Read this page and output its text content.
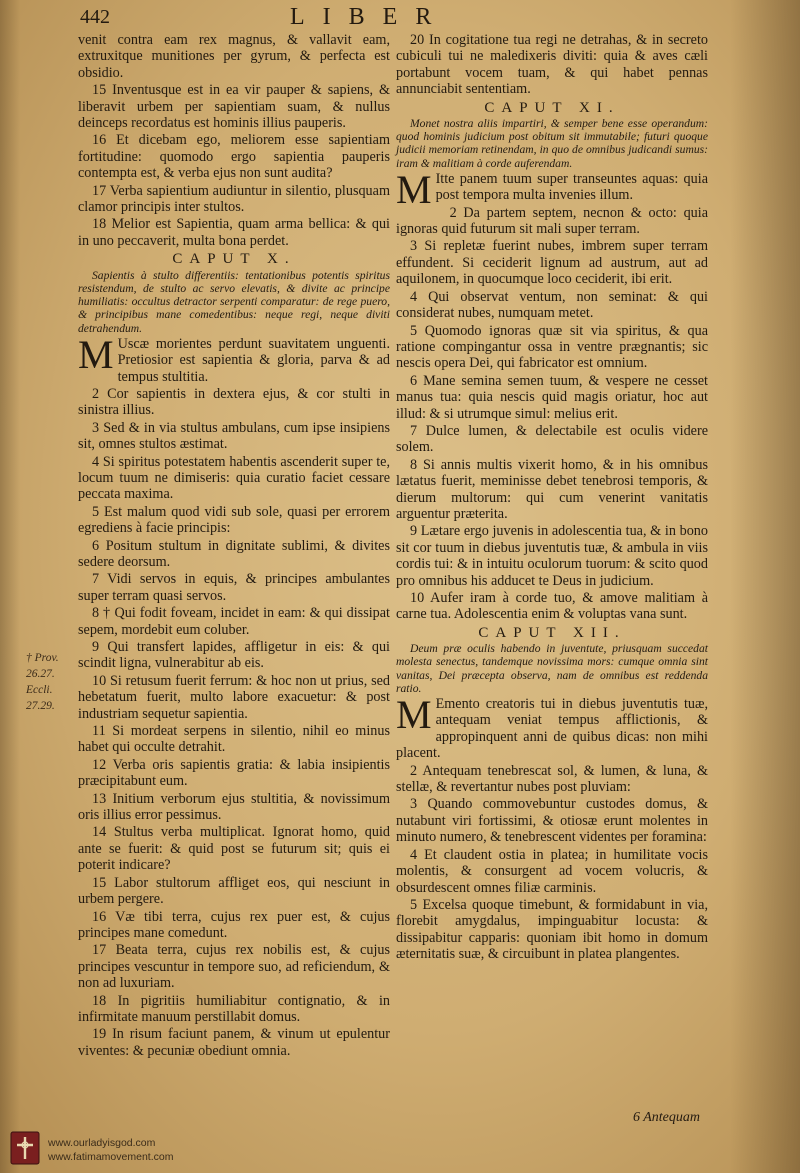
442	LIBER
† Prov.
26.27.
Eccli.
27.29.

venit contra eam rex magnus, & vallavit eam, extruxitque munitiones per gyrum, & perfecta est obsidio.

15 Inventusque est in ea vir pauper & sapiens, & liberavit urbem per sapientiam suam, & nullus deinceps recordatus est hominis illius pauperis.

16 Et dicebam ego, meliorem esse sapientiam fortitudine: quomodo ergo sapientia pauperis contempta est, & verba ejus non sunt audita?

17 Verba sapientium audiuntur in silentio, plusquam clamor principis inter stultos.

18 Melior est Sapientia, quam arma bellica: & qui in uno peccaverit, multa bona perdet.

CAPUT X.

Sapientis à stulto differentiis: tentationibus potentis spiritus resistendum, de stulto ac servo elevatis, & divite ac principe humiliatis: occultus detractor serpenti comparatur: de rege puero, & principibus mane comedentibus: neque regi, neque diviti detrahendum.

M Uscæ morientes perdunt suavitatem unguenti. Pretiosior est sapientia & gloria, parva & ad tempus stultitia.

2 Cor sapientis in dextera ejus, & cor stulti in sinistra illius.

3 Sed & in via stultus ambulans, cum ipse insipiens sit, omnes stultos æstimat.

4 Si spiritus potestatem habentis ascenderit super te, locum tuum ne dimiseris: quia curatio faciet cessare peccata maxima.

5 Est malum quod vidi sub sole, quasi per errorem egrediens à facie principis:

6 Positum stultum in dignitate sublimi, & divites sedere deorsum.

7 Vidi servos in equis, & principes ambulantes super terram quasi servos.

8 † Qui fodit foveam, incidet in eam: & qui dissipat sepem, mordebit eum coluber.

9 Qui transfert lapides, affligetur in eis: & qui scindit ligna, vulnerabitur ab eis.

10 Si retusum fuerit ferrum: & hoc non ut prius, sed hebetatum fuerit, multo labore exacuetur: & post industriam sequetur sapientia.

11 Si mordeat serpens in silentio, nihil eo minus habet qui occulte detrahit.

12 Verba oris sapientis gratia: & labia insipientis præcipitabunt eum.

13 Initium verborum ejus stultitia, & novissimum oris illius error pessimus.

14 Stultus verba multiplicat. Ignorat homo, quid ante se fuerit: & quid post se futurum sit; quis ei poterit indicare?

15 Labor stultorum affliget eos, qui nesciunt in urbem pergere.

16 Væ tibi terra, cujus rex puer est, & cujus principes mane comedunt.

17 Beata terra, cujus rex nobilis est, & cujus principes vescuntur in tempore suo, ad reficiendum, & non ad luxuriam.

18 In pigritiis humiliabitur contignatio, & in infirmitate manuum perstillabit domus.

19 In risum faciunt panem, & vinum ut epulentur viventes: & pecuniæ obediunt omnia.

20 In cogitatione tua regi ne detrahas, & in secreto cubiculi tui ne maledixeris diviti: quia & aves cæli portabunt vocem tuam, & qui habet pennas annunciabit sententiam.

CAPUT XI.

Monet nostra aliis impartiri, & semper bene esse operandum: quod hominis judicium post obitum sit immutabile; futuri quoque judicii memoriam retinendam, in quo de omnibus judicandi sumus: iram & malitiam à corde auferendam.

M Itte panem tuum super transeuntes aquas: quia post tempora multa invenies illum.

2 Da partem septem, necnon & octo: quia ignoras quid futurum sit mali super terram.

3 Si repletæ fuerint nubes, imbrem super terram effundent. Si ceciderit lignum ad austrum, aut ad aquilonem, in quocumque loco ceciderit, ibi erit.

4 Qui observat ventum, non seminat: & qui considerat nubes, numquam metet.

5 Quomodo ignoras quæ sit via spiritus, & qua ratione compingantur ossa in ventre prægnantis; sic nescis opera Dei, qui fabricator est omnium.

6 Mane semina semen tuum, & vespere ne cesset manus tua: quia nescis quid magis oriatur, hoc aut illud: & si utrumque simul: melius erit.

7 Dulce lumen, & delectabile est oculis videre solem.

8 Si annis multis vixerit homo, & in his omnibus lætatus fuerit, meminisse debet tenebrosi temporis, & dierum multorum: qui cum venerint vanitatis arguentur præterita.

9 Lætare ergo juvenis in adolescentia tua, & in bono sit cor tuum in diebus juventutis tuæ, & ambula in viis cordis tui: & in intuitu oculorum tuorum: & scito quod pro omnibus his adducet te Deus in judicium.

10 Aufer iram à corde tuo, & amove malitiam à carne tua. Adolescentia enim & voluptas vana sunt.

CAPUT XII.

Deum præ oculis habendo in juventute, priusquam succedat molesta senectus, tandemque novissima mors: cumque omnia sint vanitas, Dei præcepta observa, nam de omnibus est reddenda ratio.

M Emento creatoris tui in diebus juventutis tuæ, antequam veniat tempus afflictionis, & appropinquent anni de quibus dicas: non mihi placent.

2 Antequam tenebrescat sol, & lumen, & luna, & stellæ, & revertantur nubes post pluviam:

3 Quando commovebuntur custodes domus, & nutabunt viri fortissimi, & otiosæ erunt molentes in minuto numero, & tenebrescent videntes per foramina:

4 Et claudent ostia in platea; in humilitate vocis molentis, & consurgent ad vocem volucris, & obsurdescent omnes filiæ carminis.

5 Excelsa quoque timebunt, & formidabunt in via, florebit amygdalus, impinguabitur locusta: & dissipabitur capparis: quoniam ibit homo in domum æternitatis suæ, & circuibunt in platea plangentes.

6 Antequam
www.ourladyisgod.com
www.fatimamovement.com
